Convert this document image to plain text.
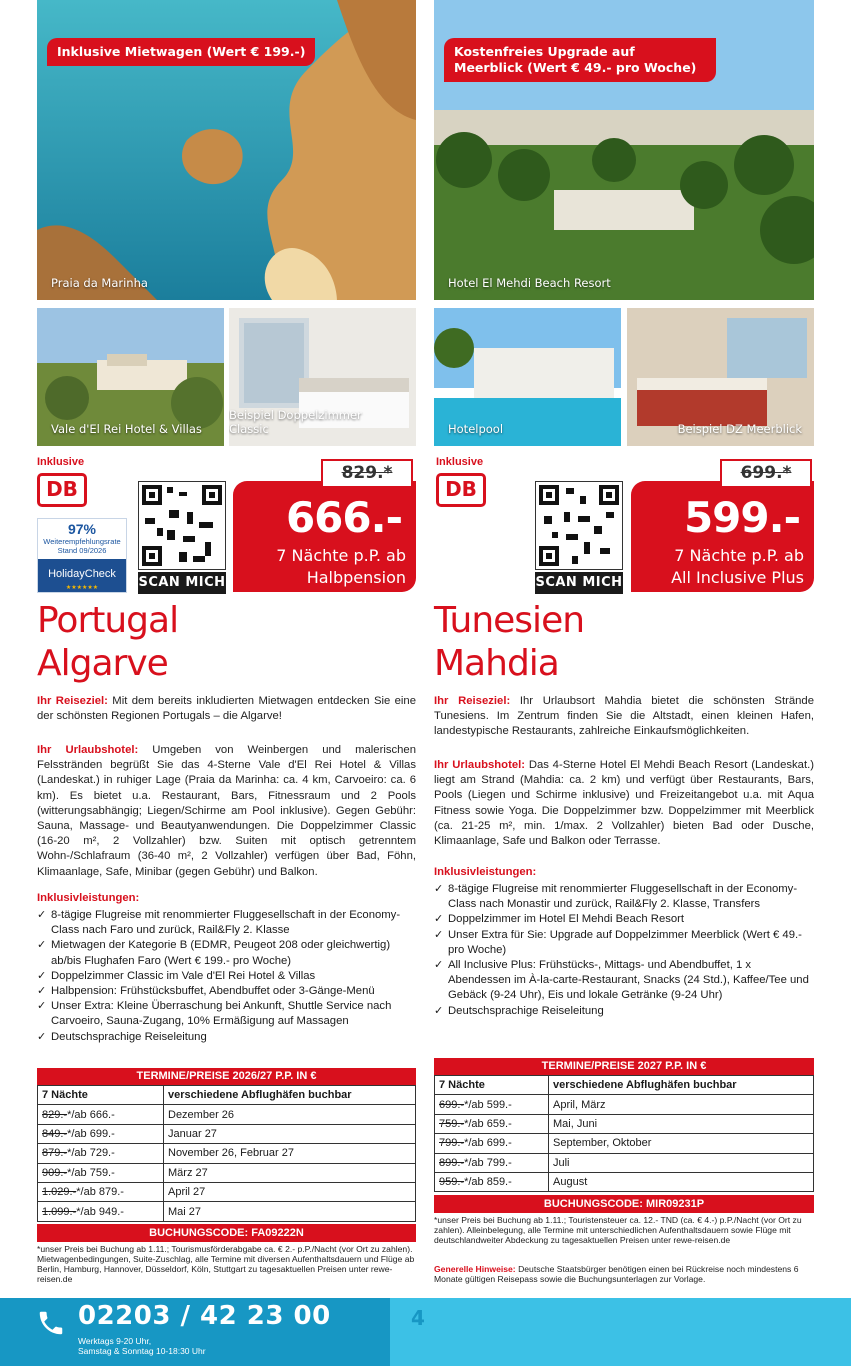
Inklusive Mietwagen (Wert € 199.-)
Praia da Marinha
Vale d'El Rei Hotel & Villas
Beispiel Doppelzimmer Classic
Inklusive
DB
97%
Weiterempfehlungsrate
Stand 09/2026
HolidayCheck
★★★★★★	SCAN MICH
666.-
7 Nächte p.P. ab
Halbpension
829.*
Portugal
Algarve
Ihr Reiseziel: Mit dem bereits inkludierten Mietwagen entdecken Sie eine der schönsten Regionen Portugals – die Algarve!
Ihr Urlaubshotel: Umgeben von Weinbergen und malerischen Felsstränden begrüßt Sie das 4-Sterne Vale d'El Rei Hotel & Villas (Landeskat.) in ruhiger Lage (Praia da Marinha: ca. 4 km, Carvoeiro: ca. 6 km). Es bietet u.a. Restaurant, Bars, Fitnessraum und 2 Pools (witterungsabhängig; Liegen/Schirme am Pool inklusive). Gegen Gebühr: Sauna, Massage- und Beautyanwendungen. Die Doppelzimmer Classic (16-20 m², 2 Vollzahler) bzw. Suiten mit optisch getrenntem Wohn-/Schlafraum (36-40 m², 2 Vollzahler) verfügen über Bad, Föhn, Klimaanlage, Safe, Minibar (gegen Gebühr) und Balkon.
Inklusivleistungen:
✓ 8-tägige Flugreise mit renommierter Fluggesellschaft in der Economy-Class nach Faro und zurück, Rail&Fly 2. Klasse
✓ Mietwagen der Kategorie B (EDMR, Peugeot 208 oder gleichwertig) ab/bis Flughafen Faro (Wert € 199.- pro Woche)
✓ Doppelzimmer Classic im Vale d'El Rei Hotel & Villas
✓ Halbpension: Frühstücksbuffet, Abendbuffet oder 3-Gänge-Menü
✓ Unser Extra: Kleine Überraschung bei Ankunft, Shuttle Service nach Carvoeiro, Sauna-Zugang, 10% Ermäßigung auf Massagen
✓ Deutschsprachige Reiseleitung
TERMINE/PREISE 2026/27 P.P. IN €
7 Nächte	verschiedene Abflughäfen buchbar
829.-*/ab 666.-	Dezember 26
849.-*/ab 699.-	Januar 27
879.-*/ab 729.-	November 26, Februar 27
909.-*/ab 759.-	März 27
1.029.-*/ab 879.-	April 27
1.099.-*/ab 949.-	Mai 27
BUCHUNGSCODE: FA09222N
*unser Preis bei Buchung ab 1.11.; Tourismusförderabgabe ca. € 2.- p.P./Nacht (vor Ort zu zahlen). Mietwagenbedingungen, Suite-Zuschlag, alle Termine mit diversen Aufenthaltsdauern und Flüge ab Berlin, Hamburg, Hannover, Düsseldorf, Köln, Stuttgart zu tagesaktuellen Preisen unter rewe-reisen.de
Kostenfreies Upgrade auf Meerblick (Wert € 49.- pro Woche)
Hotel El Mehdi Beach Resort
Hotelpool	Beispiel DZ Meerblick
Inklusive
DB
SCAN MICH
599.-
7 Nächte p.P. ab
All Inclusive Plus
699.*
Tunesien
Mahdia
Ihr Reiseziel: Ihr Urlaubsort Mahdia bietet die schönsten Strände Tunesiens. Im Zentrum finden Sie die Altstadt, einen kleinen Hafen, landestypische Restaurants, zahlreiche Einkaufsmöglichkeiten.
Ihr Urlaubshotel: Das 4-Sterne Hotel El Mehdi Beach Resort (Landeskat.) liegt am Strand (Mahdia: ca. 2 km) und verfügt über Restaurants, Bars, Pools (Liegen und Schirme inklusive) und Freizeitangebot u.a. mit Aqua Fitness sowie Yoga. Die Doppelzimmer bzw. Doppelzimmer mit Meerblick (ca. 21-25 m², min. 1/max. 2 Vollzahler) bieten Bad oder Dusche, Klimaanlage, Safe und Balkon oder Terrasse.
Inklusivleistungen:
✓ 8-tägige Flugreise mit renommierter Fluggesellschaft in der Economy-Class nach Monastir und zurück, Rail&Fly 2. Klasse, Transfers
✓ Doppelzimmer im Hotel El Mehdi Beach Resort
✓ Unser Extra für Sie: Upgrade auf Doppelzimmer Meerblick (Wert € 49.- pro Woche)
✓ All Inclusive Plus: Frühstücks-, Mittags- und Abendbuffet, 1 x Abendessen im À-la-carte-Restaurant, Snacks (24 Std.), Kaffee/Tee und Gebäck (9-24 Uhr), Eis und lokale Getränke (9-24 Uhr)
✓ Deutschsprachige Reiseleitung
TERMINE/PREISE 2027 P.P. IN €
7 Nächte	verschiedene Abflughäfen buchbar
699.-*/ab 599.-	April, März
759.-*/ab 659.-	Mai, Juni
799.-*/ab 699.-	September, Oktober
899.-*/ab 799.-	Juli
959.-*/ab 859.-	August
BUCHUNGSCODE: MIR09231P
*unser Preis bei Buchung ab 1.11.; Touristensteuer ca. 12.- TND (ca. € 4.-) p.P./Nacht (vor Ort zu zahlen). Alleinbelegung, alle Termine mit unterschiedlichen Aufenthaltsdauern sowie Flüge mit deutschlandweiter Abdeckung zu tagesaktuellen Preisen unter rewe-reisen.de
Generelle Hinweise: Deutsche Staatsbürger benötigen einen bei Rückreise noch mindestens 6 Monate gültigen Reisepass sowie die Buchungsunterlagen zur Vorlage.
02203 / 42 23 00
Werktags 9-20 Uhr,
Samstag & Sonntag 10-18:30 Uhr
4
